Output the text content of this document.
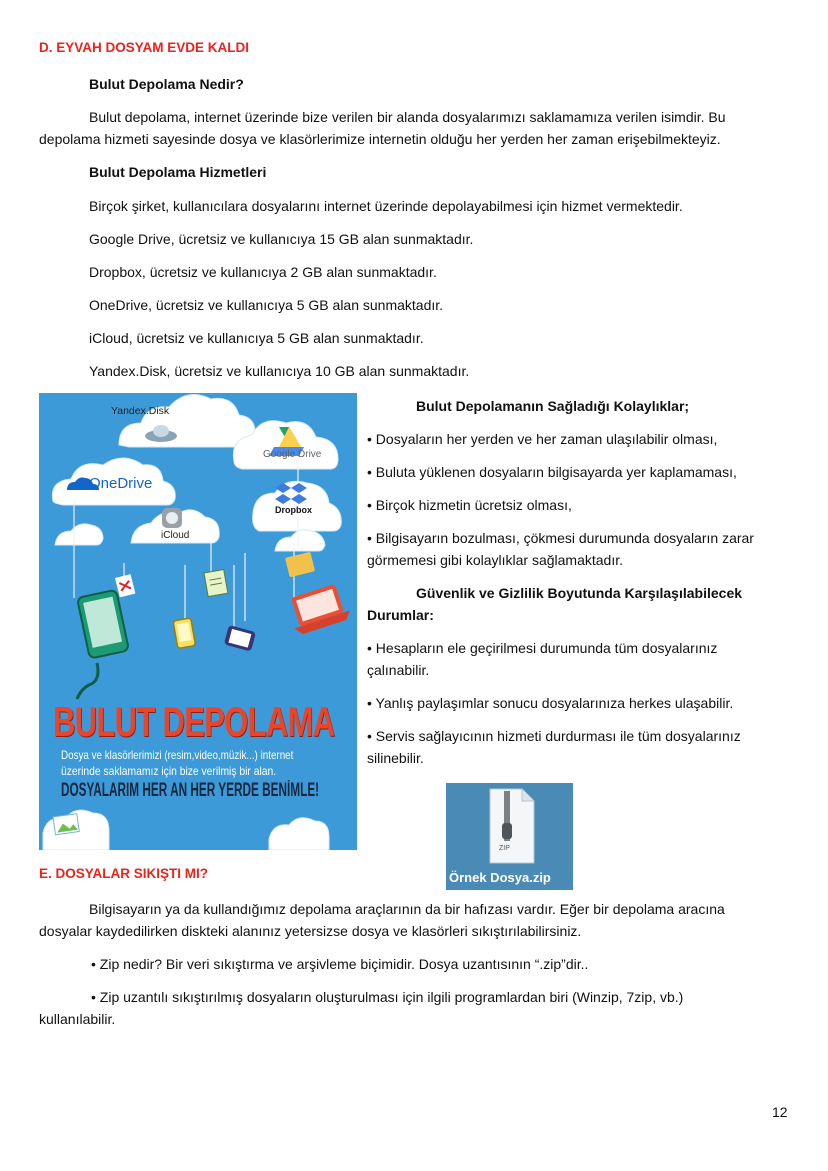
D. EYVAH DOSYAM EVDE KALDI
Bulut Depolama Nedir?
Bulut depolama, internet üzerinde bize verilen bir alanda dosyalarımızı saklamamıza verilen isimdir. Bu
depolama hizmeti sayesinde dosya ve klasörlerimize internetin olduğu her yerden her zaman erişebilmekteyiz.
Bulut Depolama Hizmetleri
Birçok şirket, kullanıcılara dosyalarını internet üzerinde depolayabilmesi için hizmet vermektedir.
Google Drive, ücretsiz ve kullanıcıya 15 GB alan sunmaktadır.
Dropbox, ücretsiz ve kullanıcıya 2 GB alan sunmaktadır.
OneDrive, ücretsiz ve kullanıcıya 5 GB alan sunmaktadır.
iCloud, ücretsiz ve kullanıcıya 5 GB alan sunmaktadır.
Yandex.Disk, ücretsiz ve kullanıcıya 10 GB alan sunmaktadır.
Yandex.Disk
Google Drive
OneDrive
Dropbox
iCloud
BULUT DEPOLAMA
Dosya ve klasörlerimizi (resim,video,müzik...) internet
üzerinde saklamamız için bize verilmiş bir alan.
DOSYALARIM HER AN HER YERDE BENİMLE!
Bulut Depolamanın Sağladığı Kolaylıklar;
• Dosyaların her yerden ve her zaman ulaşılabilir olması,
• Buluta yüklenen dosyaların bilgisayarda yer kaplamaması,
• Birçok hizmetin ücretsiz olması,
• Bilgisayarın bozulması, çökmesi durumunda dosyaların zarar
görmemesi gibi kolaylıklar sağlamaktadır.
Güvenlik ve Gizlilik Boyutunda Karşılaşılabilecek
Durumlar:
• Hesapların ele geçirilmesi durumunda tüm dosyalarınız
çalınabilir.
• Yanlış paylaşımlar sonucu dosyalarınıza herkes ulaşabilir.
• Servis sağlayıcının hizmeti durdurması ile tüm dosyalarınız
silinebilir.
ZIP
Örnek Dosya.zip
E. DOSYALAR SIKIŞTI MI?
Bilgisayarın ya da kullandığımız depolama araçlarının da bir hafızası vardır. Eğer bir depolama aracına
dosyalar kaydedilirken diskteki alanınız yetersizse dosya ve klasörleri sıkıştırılabilirsiniz.
• Zip nedir? Bir veri sıkıştırma ve arşivleme biçimidir. Dosya uzantısının “.zip”dir..
• Zip uzantılı sıkıştırılmış dosyaların oluşturulması için ilgili programlardan biri (Winzip, 7zip, vb.)
kullanılabilir.
12
